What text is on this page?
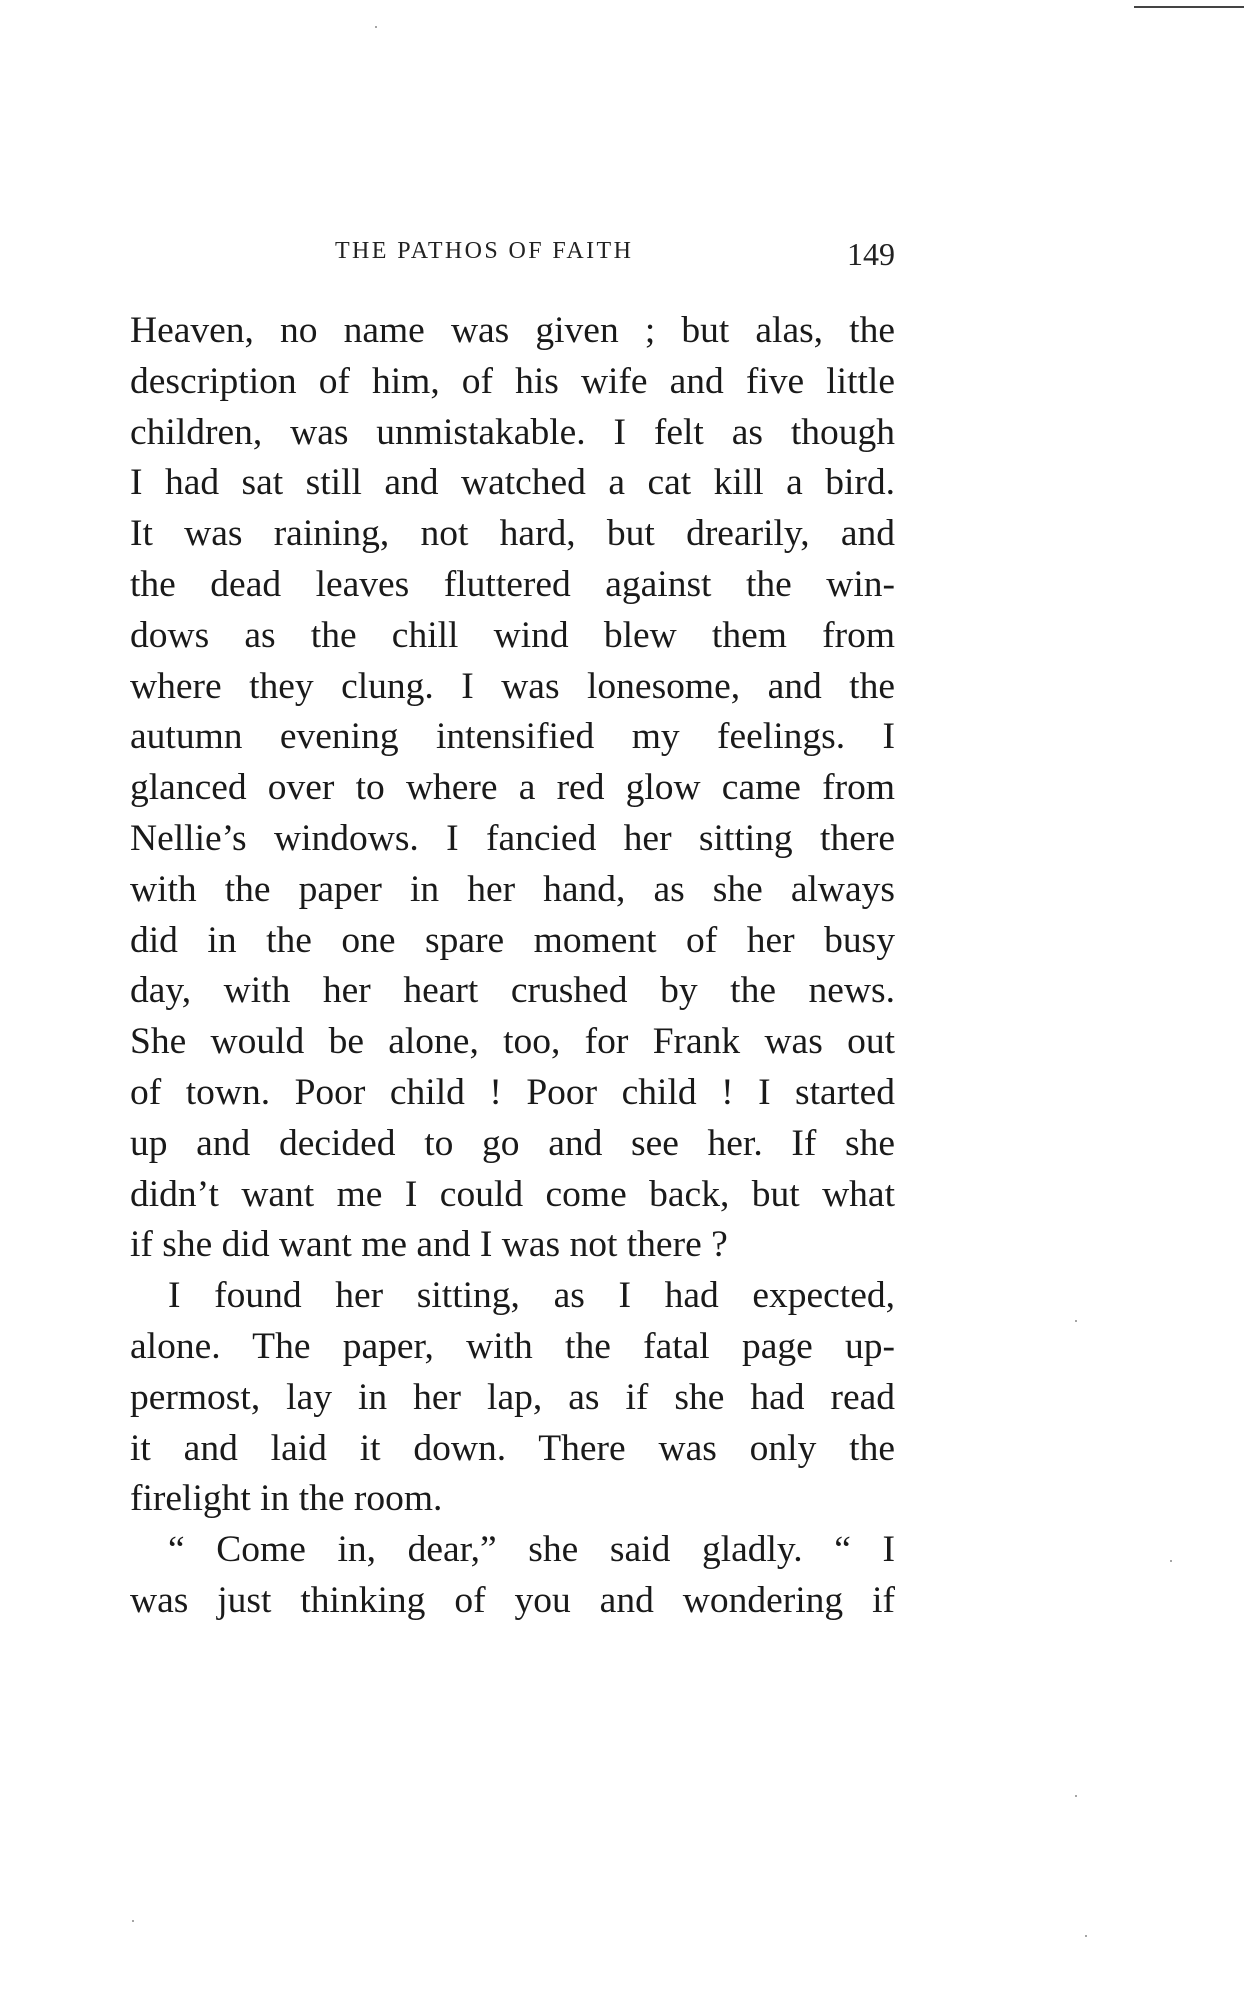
THE PATHOS OF FAITH	149
Heaven, no name was given ; but alas, the
description of him, of his wife and five little
children, was unmistakable. I felt as though
I had sat still and watched a cat kill a bird.
It was raining, not hard, but drearily, and
the dead leaves fluttered against the win-
dows as the chill wind blew them from
where they clung. I was lonesome, and the
autumn evening intensified my feelings. I
glanced over to where a red glow came from
Nellie’s windows. I fancied her sitting there
with the paper in her hand, as she always
did in the one spare moment of her busy
day, with her heart crushed by the news.
She would be alone, too, for Frank was out
of town. Poor child ! Poor child ! I started
up and decided to go and see her. If she
didn’t want me I could come back, but what
if she did want me and I was not there ?
I found her sitting, as I had expected,
alone. The paper, with the fatal page up-
permost, lay in her lap, as if she had read
it and laid it down. There was only the
firelight in the room.
“ Come in, dear,” she said gladly. “ I
was just thinking of you and wondering if
